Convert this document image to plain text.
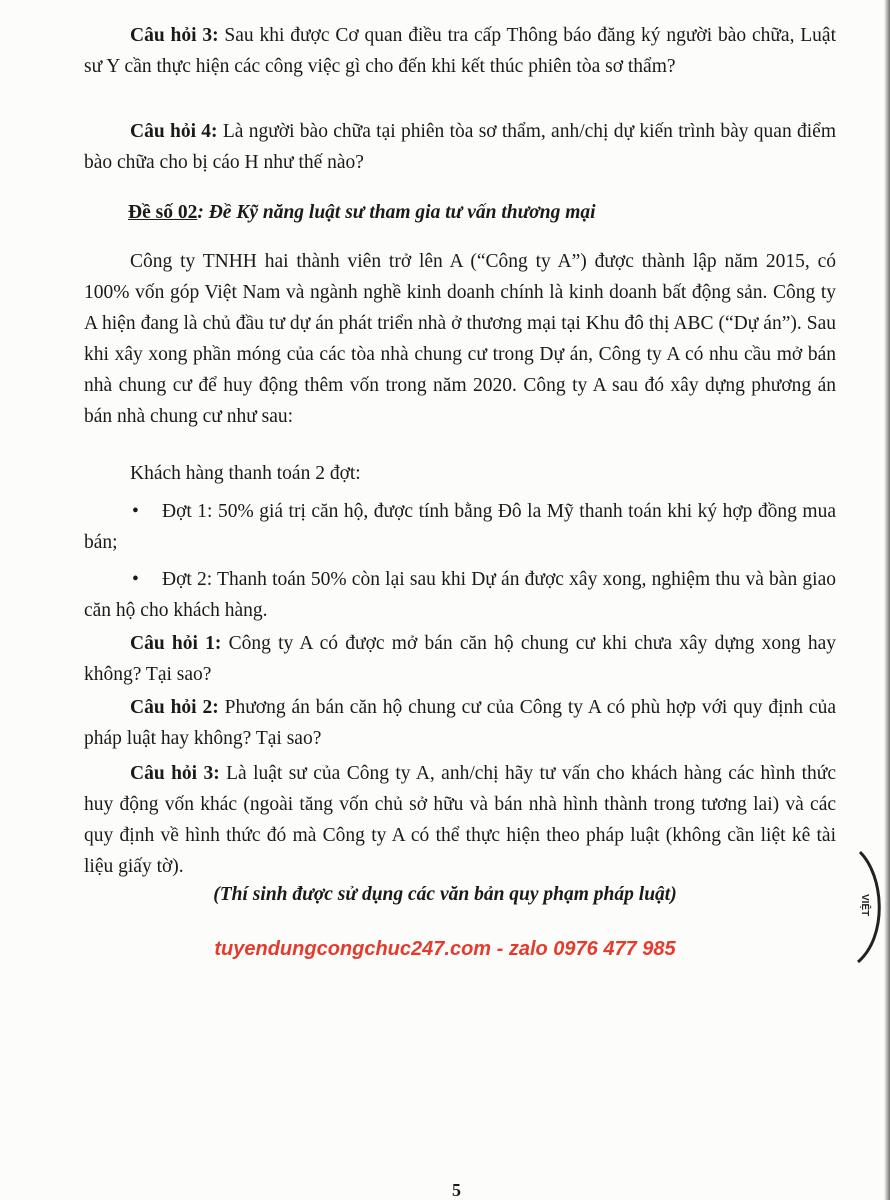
Câu hỏi 3: Sau khi được Cơ quan điều tra cấp Thông báo đăng ký người bào chữa, Luật sư Y cần thực hiện các công việc gì cho đến khi kết thúc phiên tòa sơ thẩm?

Câu hỏi 4: Là người bào chữa tại phiên tòa sơ thẩm, anh/chị dự kiến trình bày quan điểm bào chữa cho bị cáo H như thế nào?

Đề số 02: Đề Kỹ năng luật sư tham gia tư vấn thương mại

Công ty TNHH hai thành viên trở lên A (“Công ty A”) được thành lập năm 2015, có 100% vốn góp Việt Nam và ngành nghề kinh doanh chính là kinh doanh bất động sản. Công ty A hiện đang là chủ đầu tư dự án phát triển nhà ở thương mại tại Khu đô thị ABC (“Dự án”). Sau khi xây xong phần móng của các tòa nhà chung cư trong Dự án, Công ty A có nhu cầu mở bán nhà chung cư để huy động thêm vốn trong năm 2020. Công ty A sau đó xây dựng phương án bán nhà chung cư như sau:

Khách hàng thanh toán 2 đợt:

• Đợt 1: 50% giá trị căn hộ, được tính bằng Đô la Mỹ thanh toán khi ký hợp đồng mua bán;

• Đợt 2: Thanh toán 50% còn lại sau khi Dự án được xây xong, nghiệm thu và bàn giao căn hộ cho khách hàng.

Câu hỏi 1: Công ty A có được mở bán căn hộ chung cư khi chưa xây dựng xong hay không? Tại sao?

Câu hỏi 2: Phương án bán căn hộ chung cư của Công ty A có phù hợp với quy định của pháp luật hay không? Tại sao?

Câu hỏi 3: Là luật sư của Công ty A, anh/chị hãy tư vấn cho khách hàng các hình thức huy động vốn khác (ngoài tăng vốn chủ sở hữu và bán nhà hình thành trong tương lai) và các quy định về hình thức đó mà Công ty A có thể thực hiện theo pháp luật (không cần liệt kê tài liệu giấy tờ).

(Thí sinh được sử dụng các văn bản quy phạm pháp luật)
tuyendungcongchuc247.com - zalo 0976 477 985
VIỆT
5
